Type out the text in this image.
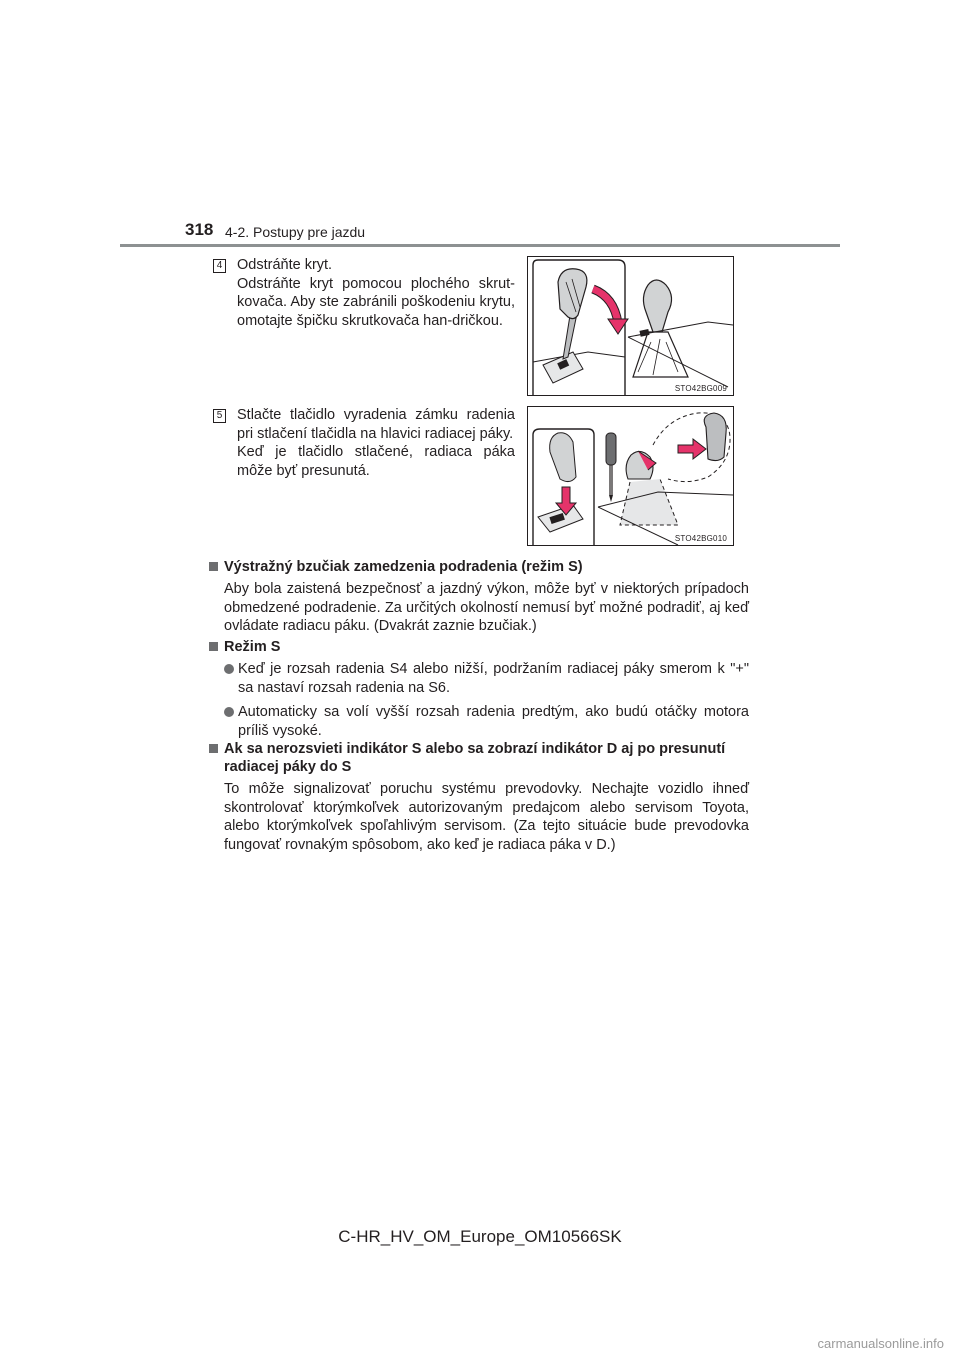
318 4-2. Postupy pre jazdu
4 Odstráňte kryt.

Odstráňte kryt pomocou plochého skrut-kovača. Aby ste zabránili poškodeniu krytu, omotajte špičku skrutkovača han-dričkou.

STO42BG009
5 Stlačte tlačidlo vyradenia zámku radenia pri stlačení tlačidla na hlavici radiacej páky.

Keď je tlačidlo stlačené, radiaca páka môže byť presunutá.

STO42BG010
Výstražný bzučiak zamedzenia podradenia (režim S)
Aby bola zaistená bezpečnosť a jazdný výkon, môže byť v niektorých prípadoch obmedzené podradenie. Za určitých okolností nemusí byť možné podradiť, aj keď ovládate radiacu páku. (Dvakrát zaznie bzučiak.)
Režim S
Keď je rozsah radenia S4 alebo nižší, podržaním radiacej páky smerom k "+" sa nastaví rozsah radenia na S6.
Automaticky sa volí vyšší rozsah radenia predtým, ako budú otáčky motora príliš vysoké.
Ak sa nerozsvieti indikátor S alebo sa zobrazí indikátor D aj po presunutí radiacej páky do S
To môže signalizovať poruchu systému prevodovky. Nechajte vozidlo ihneď skontrolovať ktorýmkoľvek autorizovaným predajcom alebo servisom Toyota, alebo ktorýmkoľvek spoľahlivým servisom. (Za tejto situácie bude prevodovka fungovať rovnakým spôsobom, ako keď je radiaca páka v D.)
C-HR_HV_OM_Europe_OM10566SK
carmanualsonline.info
